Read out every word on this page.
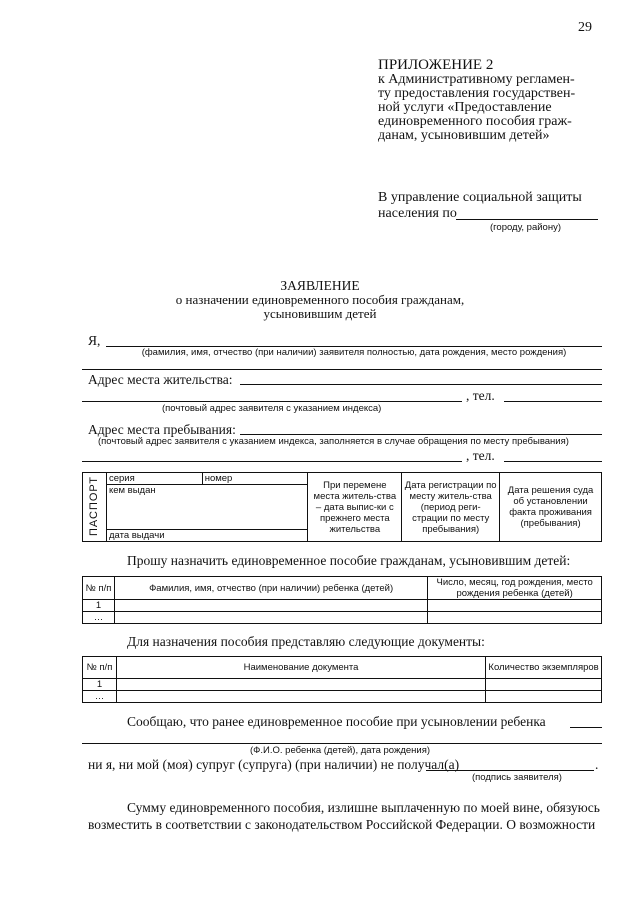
29
ПРИЛОЖЕНИЕ 2
к Административному регламен-
ту предоставления государствен-
ной услуги «Предоставление
единовременного пособия граж-
данам, усыновившим детей»
В управление социальной защиты
населения по
(городу, району)
ЗАЯВЛЕНИЕ
о назначении единовременного пособия гражданам,
усыновившим детей
Я,
(фамилия, имя, отчество (при наличии) заявителя полностью, дата рождения, место рождения)
Адрес места жительства:
, тел.
(почтовый адрес заявителя с указанием индекса)
Адрес места пребывания:
(почтовый адрес заявителя с указанием индекса, заполняется в случае обращения по месту пребывания)
, тел.
ПАСПОРТ	серия	номер	При перемене места житель-ства – дата выпис-ки с прежнего места жительства	Дата регистрации по месту житель-ства (период реги-страции по месту пребывания)	Дата решения суда об установлении факта проживания (пребывания)
кем выдан
дата выдачи
Прошу назначить единовременное пособие гражданам, усыновившим детей:
№ п/п	Фамилия, имя, отчество (при наличии) ребенка (детей)	Число, месяц, год рождения, место рождения ребенка (детей)
1		
…		
Для назначения пособия представляю следующие документы:
№ п/п	Наименование документа	Количество экземпляров
1		
…		
Сообщаю, что ранее единовременное пособие при усыновлении ребенка
(Ф.И.О. ребенка (детей), дата рождения)
ни я, ни мой (моя) супруг (супруга) (при наличии) не получал(а)	.
(подпись заявителя)
Сумму единовременного пособия, излишне выплаченную по моей вине, обязуюсь
возместить в соответствии с законодательством Российской Федерации. О возможности
